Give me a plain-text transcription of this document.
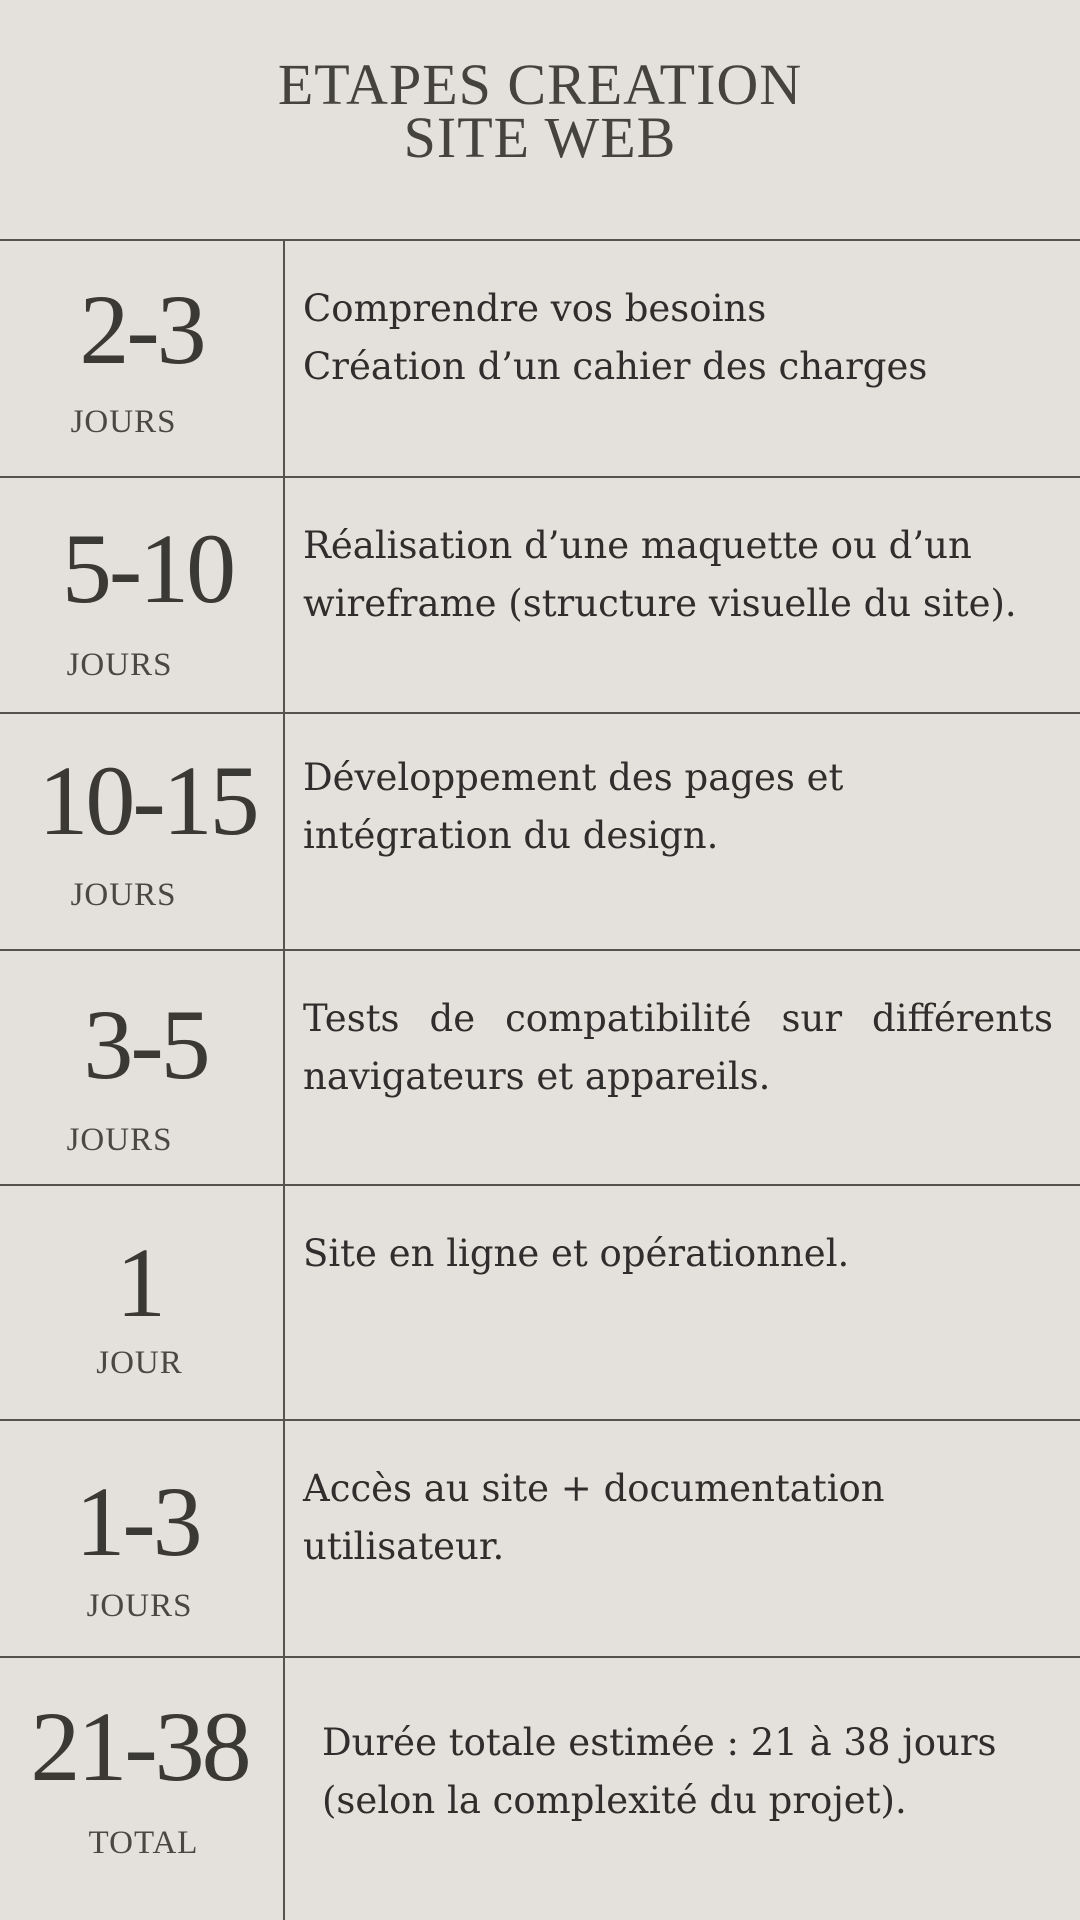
ETAPES CREATION
SITE WEB
2-3
JOURS
Comprendre vos besoins
Création d’un cahier des charges
5-10
JOURS
Réalisation d’une maquette ou d’un
wireframe (structure visuelle du site).
10-15
JOURS
Développement des pages et
intégration du design.
3-5
JOURS
Tests de compatibilité sur différents
navigateurs et appareils.
1
JOUR
Site en ligne et opérationnel.
1-3
JOURS
Accès au site + documentation
utilisateur.
21-38
TOTAL
Durée totale estimée : 21 à 38 jours
(selon la complexité du projet).
